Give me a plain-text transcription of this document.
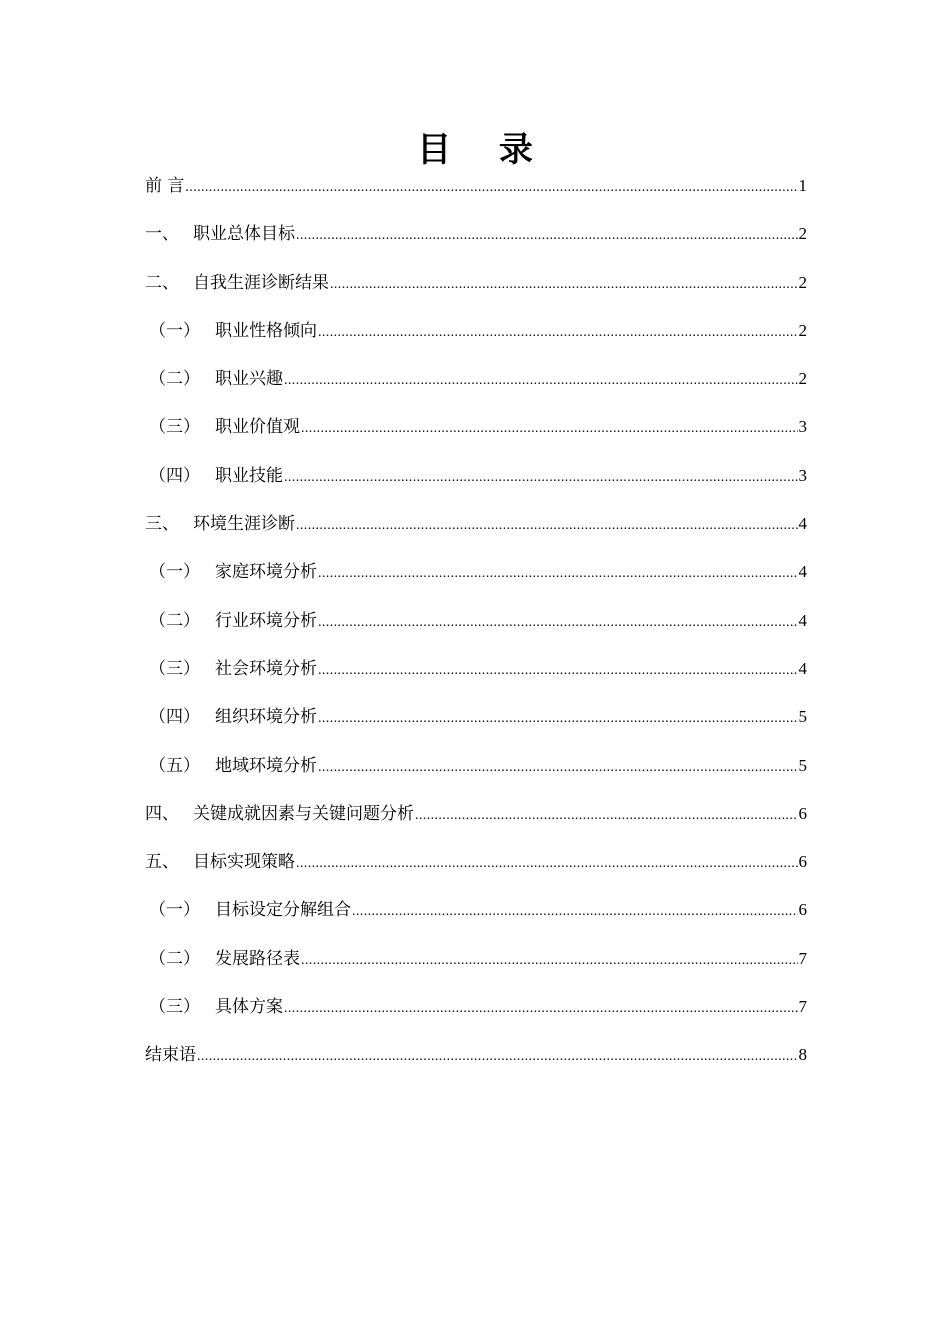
目 录
前 言 .....	1
一、 职业总体目标 .....	2
二、 自我生涯诊断结果 .....	2
（一） 职业性格倾向 .....	2
（二） 职业兴趣 .....	2
（三） 职业价值观 .....	3
（四） 职业技能 .....	3
三、 环境生涯诊断 .....	4
（一） 家庭环境分析 .....	4
（二） 行业环境分析 .....	4
（三） 社会环境分析 .....	4
（四） 组织环境分析 .....	5
（五） 地域环境分析 .....	5
四、 关键成就因素与关键问题分析 .....	6
五、 目标实现策略 .....	6
（一） 目标设定分解组合 .....	6
（二） 发展路径表 .....	7
（三） 具体方案 .....	7
结束语 .....	8
